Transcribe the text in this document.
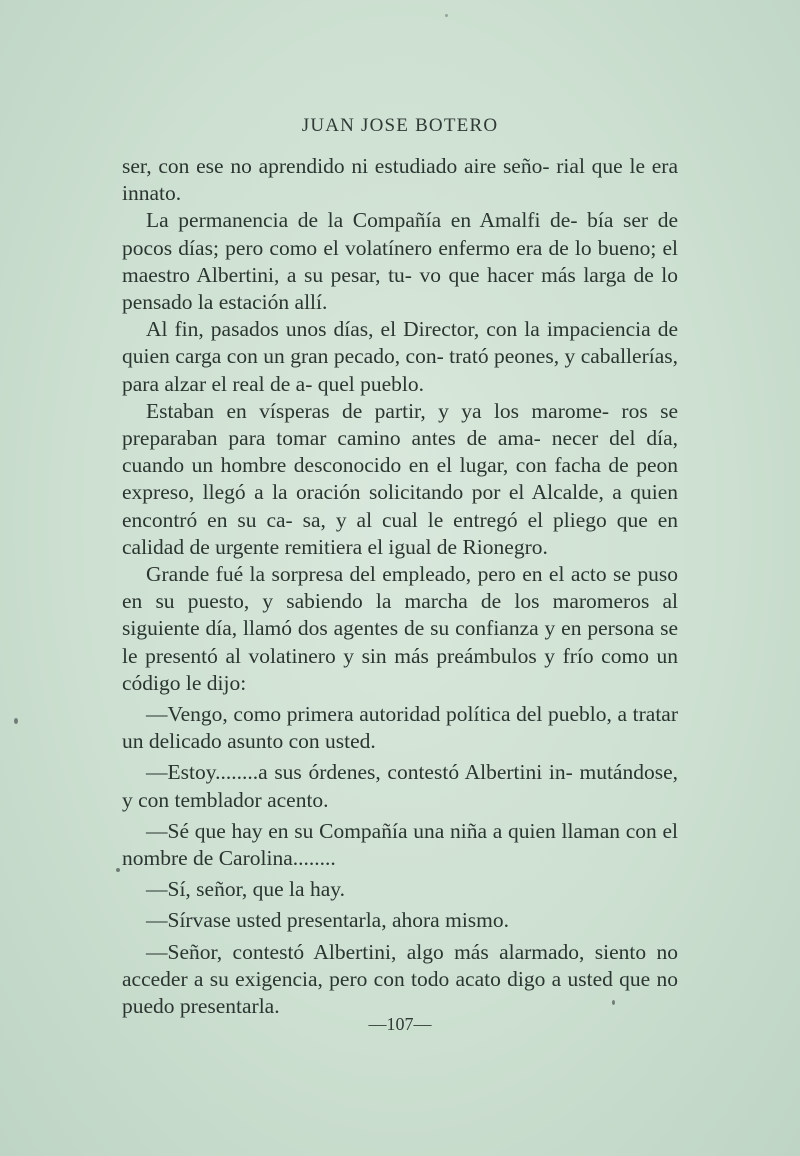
JUAN JOSE BOTERO

ser, con ese no aprendido ni estudiado aire seño- rial que le era innato.

La permanencia de la Compañía en Amalfi de- bía ser de pocos días; pero como el volatínero enfermo era de lo bueno; el maestro Albertini, a su pesar, tu- vo que hacer más larga de lo pensado la estación allí.

Al fin, pasados unos días, el Director, con la impaciencia de quien carga con un gran pecado, con- trató peones, y caballerías, para alzar el real de a- quel pueblo.

Estaban en vísperas de partir, y ya los marome- ros se preparaban para tomar camino antes de ama- necer del día, cuando un hombre desconocido en el lugar, con facha de peon expreso, llegó a la oración solicitando por el Alcalde, a quien encontró en su ca- sa, y al cual le entregó el pliego que en calidad de urgente remitiera el igual de Rionegro.

Grande fué la sorpresa del empleado, pero en el acto se puso en su puesto, y sabiendo la marcha de los maromeros al siguiente día, llamó dos agentes de su confianza y en persona se le presentó al volatinero y sin más preámbulos y frío como un código le dijo:

—Vengo, como primera autoridad política del pueblo, a tratar un delicado asunto con usted.

—Estoy........a sus órdenes, contestó Albertini in- mutándose, y con temblador acento.

—Sé que hay en su Compañía una niña a quien llaman con el nombre de Carolina........

—Sí, señor, que la hay.

—Sírvase usted presentarla, ahora mismo.

—Señor, contestó Albertini, algo más alarmado, siento no acceder a su exigencia, pero con todo acato digo a usted que no puedo presentarla.

—107—
